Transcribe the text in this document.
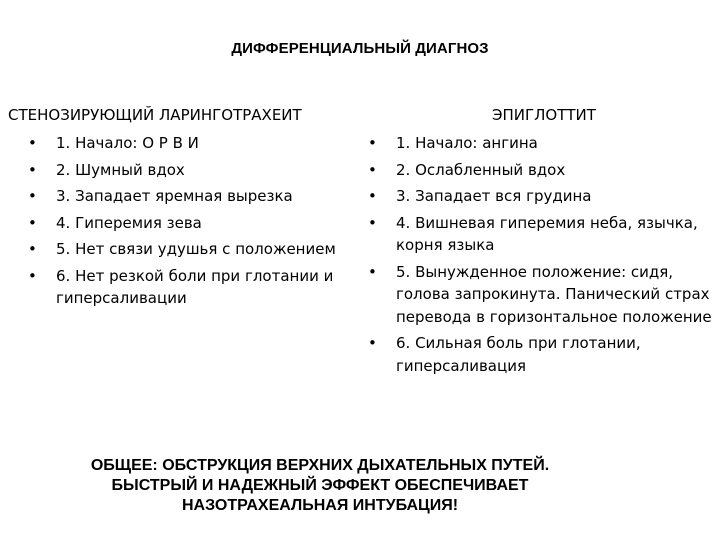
ДИФФЕРЕНЦИАЛЬНЫЙ ДИАГНОЗ
СТЕНОЗИРУЮЩИЙ ЛАРИНГОТРАХЕИТ	ЭПИГЛОТТИТ
• 1. Начало: О Р В И
• 2. Шумный вдох
• 3. Западает яремная вырезка
• 4. Гиперемия зева
• 5. Нет связи удушья с положением
• 6. Нет резкой боли при глотании и гиперсаливации
• 1. Начало: ангина
• 2. Ослабленный вдох
• 3. Западает вся грудина
• 4. Вишневая гиперемия неба, язычка, корня языка
• 5. Вынужденное положение: сидя, голова запрокинута. Панический страх перевода в горизонтальное положение
• 6. Сильная боль при глотании, гиперсаливация
ОБЩЕЕ: ОБСТРУКЦИЯ ВЕРХНИХ ДЫХАТЕЛЬНЫХ ПУТЕЙ.
БЫСТРЫЙ И НАДЕЖНЫЙ ЭФФЕКТ ОБЕСПЕЧИВАЕТ
НАЗОТРАХЕАЛЬНАЯ ИНТУБАЦИЯ!
